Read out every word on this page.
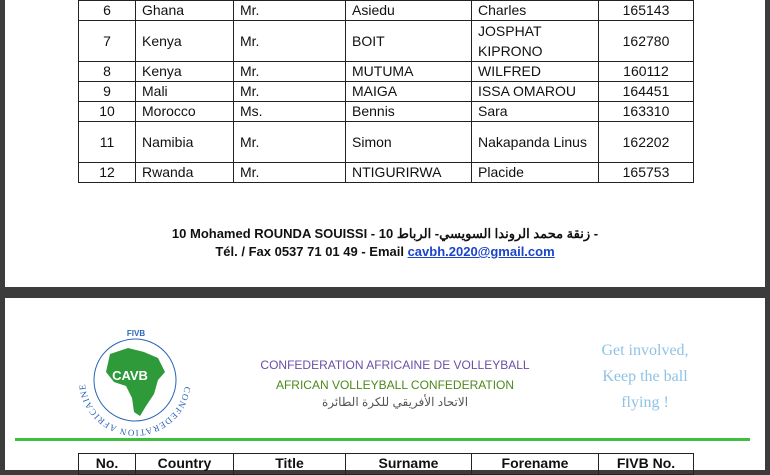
6	Ghana	Mr.	Asiedu	Charles	165143
7	Kenya	Mr.	BOIT	JOSPHAT KIPRONO	162780
8	Kenya	Mr.	MUTUMA	WILFRED	160112
9	Mali	Mr.	MAIGA	ISSA OMAROU	164451
10	Morocco	Ms.	Bennis	Sara	163310
11	Namibia	Mr.	Simon	Nakapanda Linus	162202
12	Rwanda	Mr.	NTIGURIRWA	Placide	165753
10 Mohamed ROUNDA SOUISSI - 10 زنقة محمد الروندا السويسي- الرباط -
Tél. / Fax 0537 71 01 49 - Email cavbh.2020@gmail.com
CONFEDERATION AFRICAINE
CAVB
FIVB
CONFEDERATION AFRICAINE DE VOLLEYBALL
AFRICAN VOLLEYBALL CONFEDERATION
الاتحاد الأفريقي للكرة الطائرة
Get involved,
Keep the ball
flying !
No.	Country	Title	Surname	Forename	FIVB No.
